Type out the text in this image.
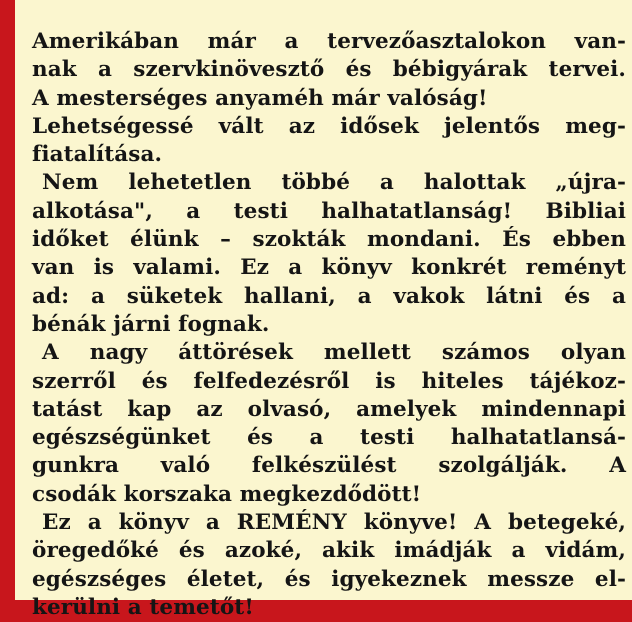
Amerikában már a tervezőasztalokon van-
nak a szervkinövesztő és bébigyárak tervei.
A mesterséges anyaméh már valóság!
Lehetségessé vált az idősek jelentős meg-
fiatalítása.
Nem lehetetlen többé a halottak „újra-
alkotása", a testi halhatatlanság! Bibliai
időket élünk – szokták mondani. És ebben
van is valami. Ez a könyv konkrét reményt
ad: a süketek hallani, a vakok látni és a
bénák járni fognak.
A nagy áttörések mellett számos olyan
szerről és felfedezésről is hiteles tájékoz-
tatást kap az olvasó, amelyek mindennapi
egészségünket és a testi halhatatlansá-
gunkra való felkészülést szolgálják. A
csodák korszaka megkezdődött!
Ez a könyv a REMÉNY könyve! A betegeké,
öregedőké és azoké, akik imádják a vidám,
egészséges életet, és igyekeznek messze el-
kerülni a temetőt!
